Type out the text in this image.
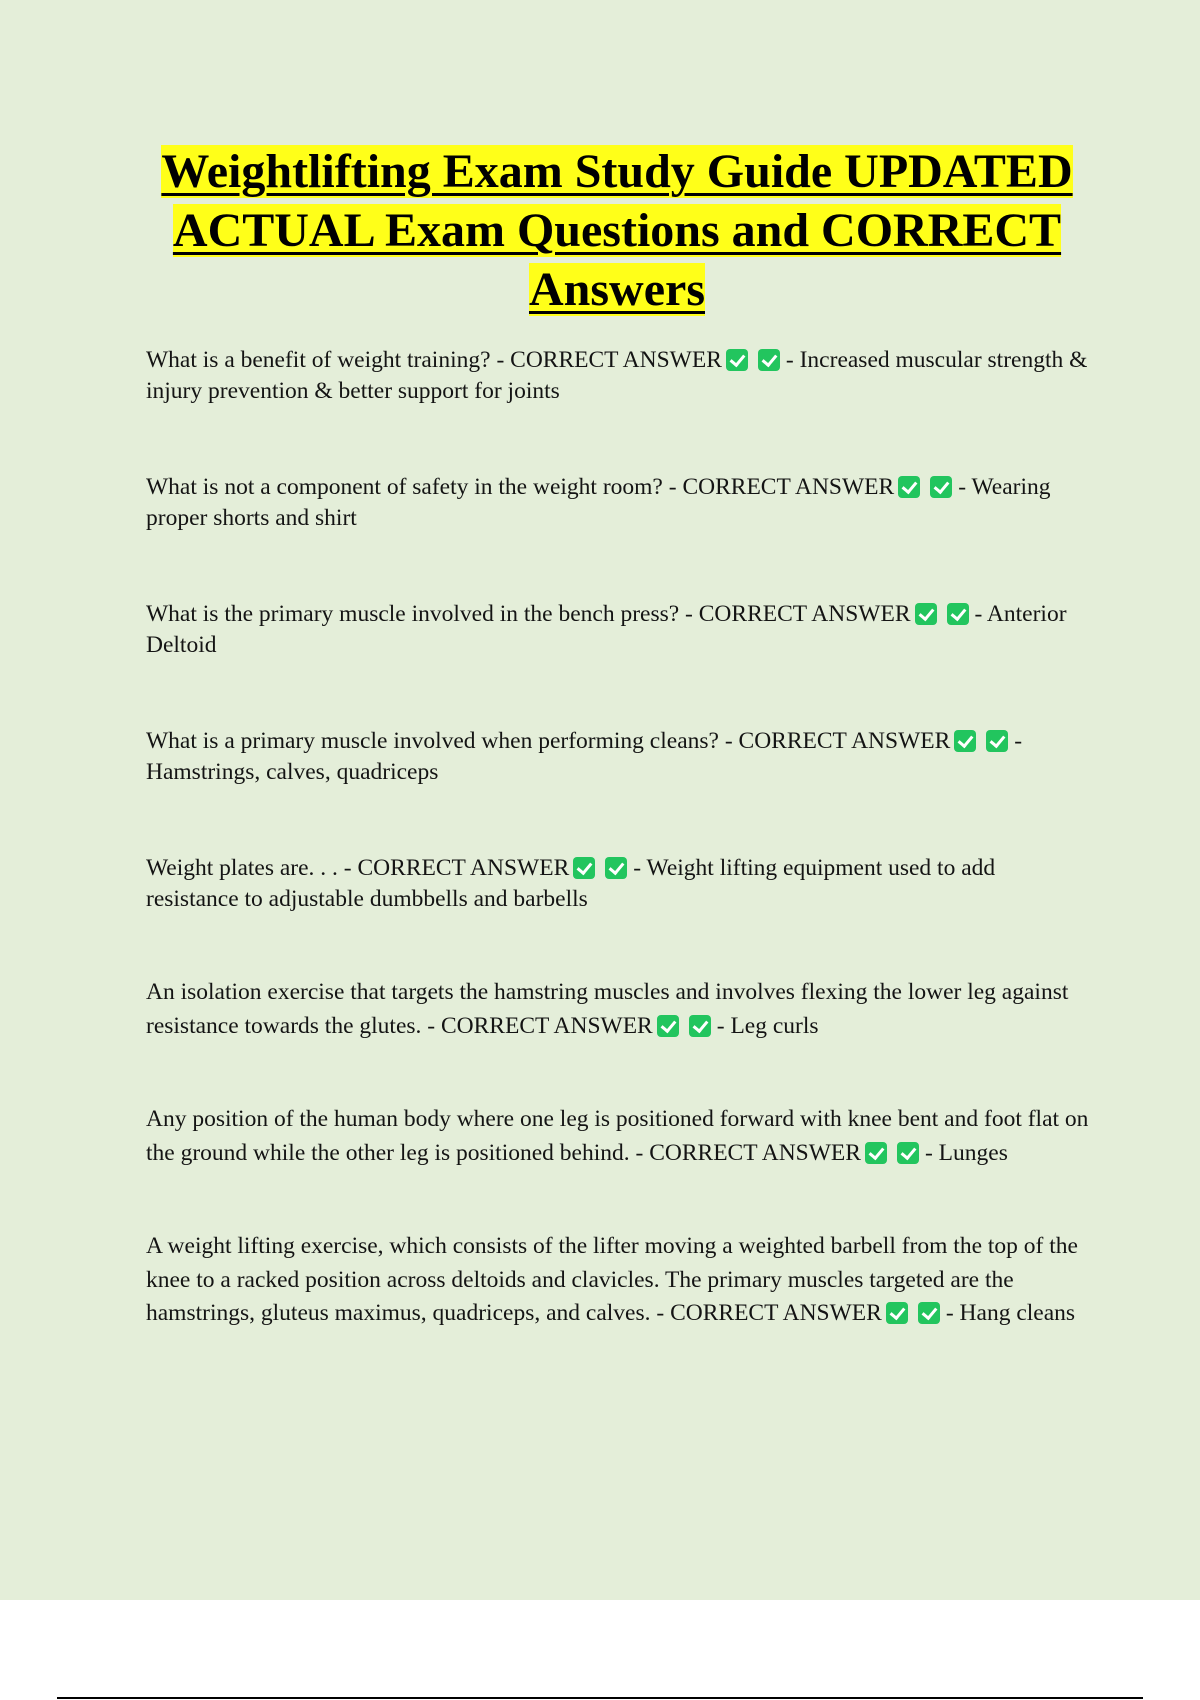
Weightlifting Exam Study Guide UPDATED ACTUAL Exam Questions and CORRECT Answers

What is a benefit of weight training? - CORRECT ANSWER	- Increased muscular strength & injury prevention & better support for joints

What is not a component of safety in the weight room? - CORRECT ANSWER	- Wearing proper shorts and shirt

What is the primary muscle involved in the bench press? - CORRECT ANSWER	- Anterior Deltoid

What is a primary muscle involved when performing cleans? - CORRECT ANSWER	- Hamstrings, calves, quadriceps

Weight plates are. . . - CORRECT ANSWER	- Weight lifting equipment used to add resistance to adjustable dumbbells and barbells

An isolation exercise that targets the hamstring muscles and involves flexing the lower leg against resistance towards the glutes. - CORRECT ANSWER	- Leg curls

Any position of the human body where one leg is positioned forward with knee bent and foot flat on the ground while the other leg is positioned behind. - CORRECT ANSWER	- Lunges

A weight lifting exercise, which consists of the lifter moving a weighted barbell from the top of the knee to a racked position across deltoids and clavicles. The primary muscles targeted are the hamstrings, gluteus maximus, quadriceps, and calves. - CORRECT ANSWER	- Hang cleans
